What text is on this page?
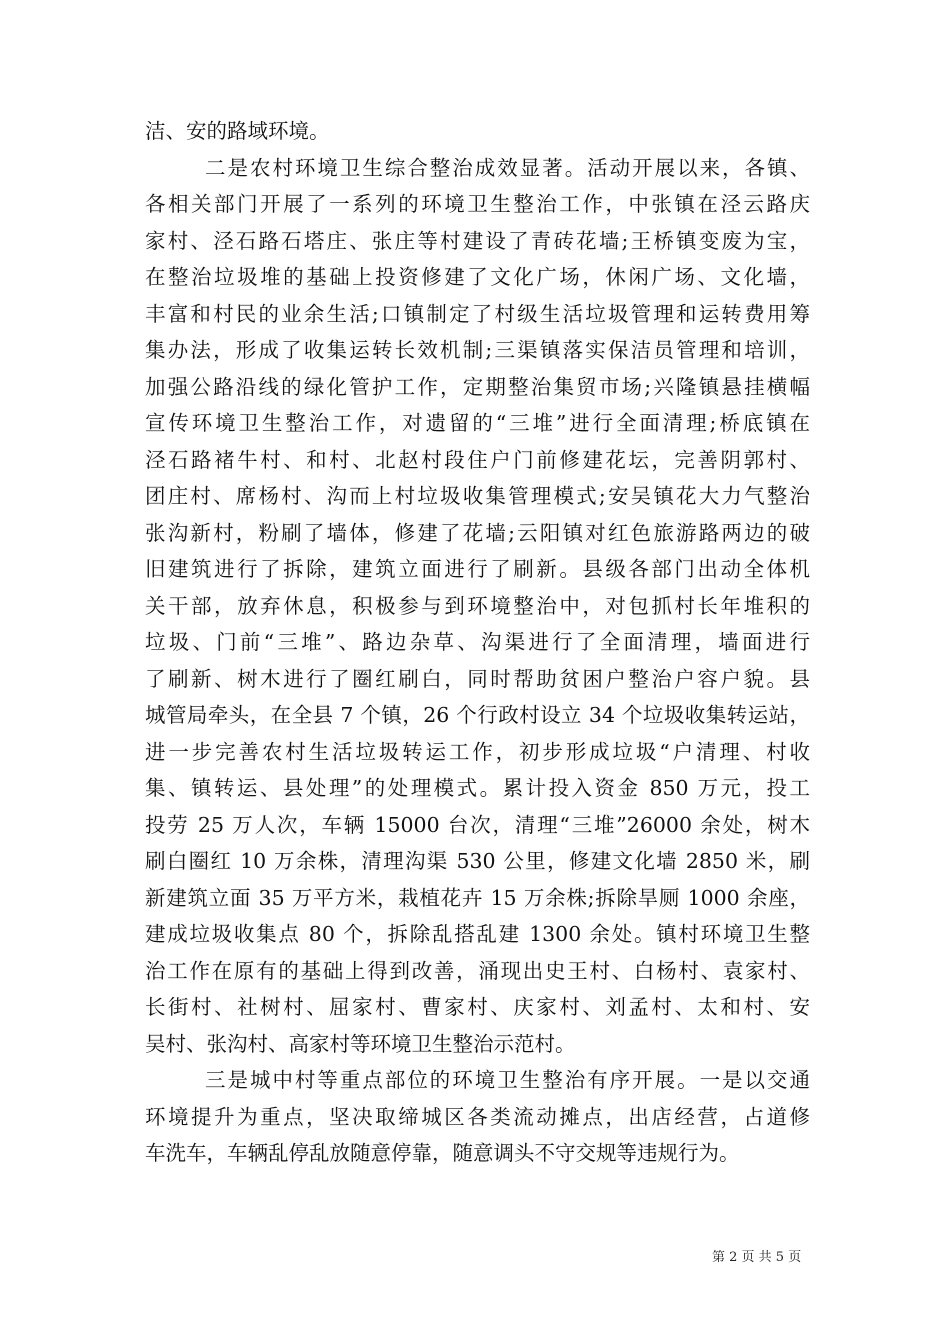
洁、安的路域环境。
二是农村环境卫生综合整治成效显著。活动开展以来，各镇、
各相关部门开展了一系列的环境卫生整治工作，中张镇在泾云路庆
家村、泾石路石塔庄、张庄等村建设了青砖花墙;王桥镇变废为宝，
在整治垃圾堆的基础上投资修建了文化广场，休闲广场、文化墙，
丰富和村民的业余生活;口镇制定了村级生活垃圾管理和运转费用筹
集办法，形成了收集运转长效机制;三渠镇落实保洁员管理和培训，
加强公路沿线的绿化管护工作，定期整治集贸市场;兴隆镇悬挂横幅
宣传环境卫生整治工作，对遗留的“三堆”进行全面清理;桥底镇在
泾石路褚牛村、和村、北赵村段住户门前修建花坛，完善阴郭村、
团庄村、席杨村、沟而上村垃圾收集管理模式;安吴镇花大力气整治
张沟新村，粉刷了墙体，修建了花墙;云阳镇对红色旅游路两边的破
旧建筑进行了拆除，建筑立面进行了刷新。县级各部门出动全体机
关干部，放弃休息，积极参与到环境整治中，对包抓村长年堆积的
垃圾、门前“三堆”、路边杂草、沟渠进行了全面清理，墙面进行
了刷新、树木进行了圈红刷白，同时帮助贫困户整治户容户貌。县
城管局牵头，在全县 7 个镇，26 个行政村设立 34 个垃圾收集转运站，
进一步完善农村生活垃圾转运工作，初步形成垃圾“户清理、村收
集、镇转运、县处理”的处理模式。累计投入资金 850 万元，投工
投劳 25 万人次，车辆 15000 台次，清理“三堆”26000 余处，树木
刷白圈红 10 万余株，清理沟渠 530 公里，修建文化墙 2850 米，刷
新建筑立面 35 万平方米，栽植花卉 15 万余株;拆除旱厕 1000 余座，
建成垃圾收集点 80 个，拆除乱搭乱建 1300 余处。镇村环境卫生整
治工作在原有的基础上得到改善，涌现出史王村、白杨村、袁家村、
长街村、社树村、屈家村、曹家村、庆家村、刘孟村、太和村、安
吴村、张沟村、高家村等环境卫生整治示范村。
三是城中村等重点部位的环境卫生整治有序开展。一是以交通
环境提升为重点，坚决取缔城区各类流动摊点，出店经营，占道修
车洗车，车辆乱停乱放随意停靠，随意调头不守交规等违规行为。
第 2 页 共 5 页
